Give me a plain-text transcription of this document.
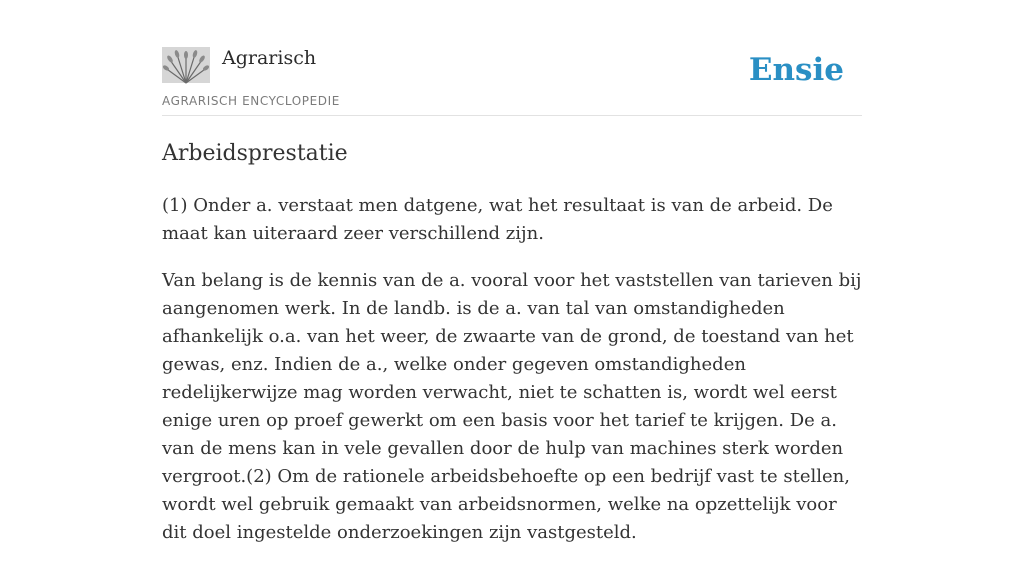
Agrarisch
AGRARISCH ENCYCLOPEDIE
Ensie
Arbeidsprestatie

(1) Onder a. verstaat men datgene, wat het resultaat is van de arbeid. De maat kan uiteraard zeer verschillend zijn.

Van belang is de kennis van de a. vooral voor het vaststellen van tarieven bij aangenomen werk. In de landb. is de a. van tal van omstandigheden afhankelijk o.a. van het weer, de zwaarte van de grond, de toestand van het gewas, enz. Indien de a., welke onder gegeven omstandigheden redelijkerwijze mag worden verwacht, niet te schatten is, wordt wel eerst enige uren op proef gewerkt om een basis voor het tarief te krijgen. De a. van de mens kan in vele gevallen door de hulp van machines sterk worden vergroot.(2) Om de rationele arbeidsbehoefte op een bedrijf vast te stellen, wordt wel gebruik gemaakt van arbeidsnormen, welke na opzettelijk voor dit doel ingestelde onderzoekingen zijn vastgesteld.
